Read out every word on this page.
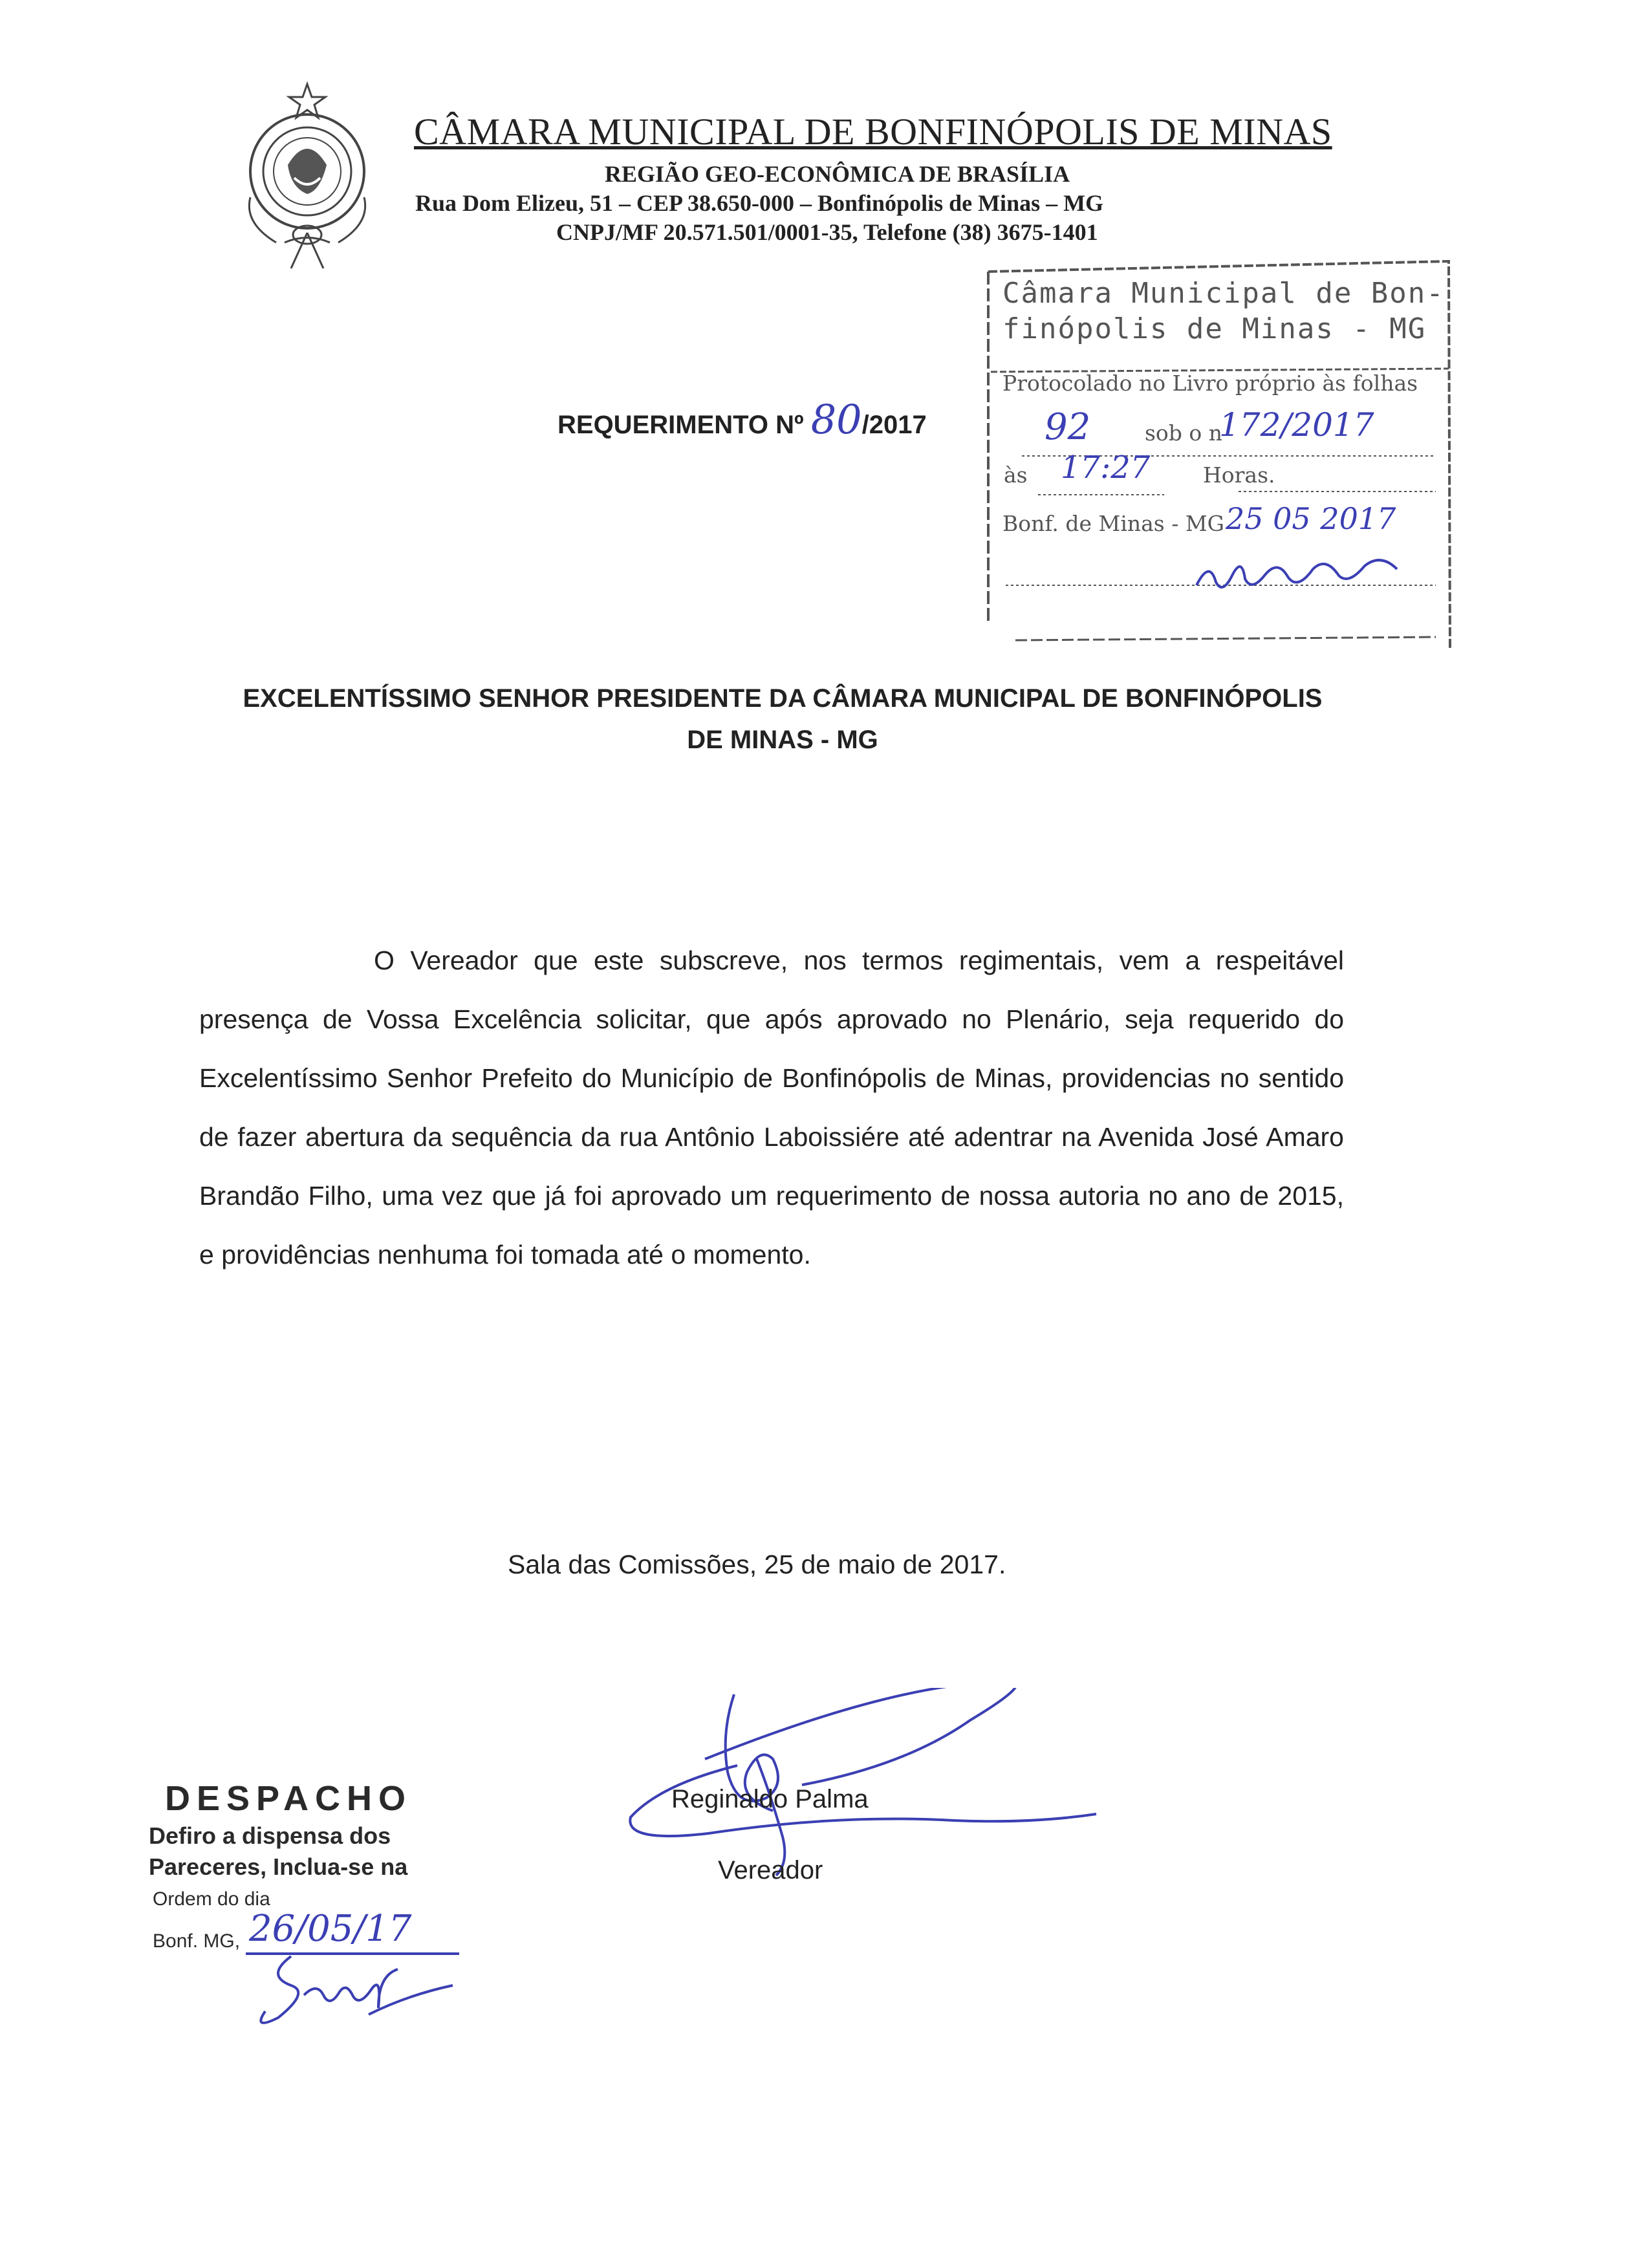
CÂMARA MUNICIPAL DE BONFINÓPOLIS DE MINAS
REGIÃO GEO-ECONÔMICA DE BRASÍLIA
Rua Dom Elizeu, 51 – CEP 38.650-000 – Bonfinópolis de Minas – MG
CNPJ/MF 20.571.501/0001-35, Telefone (38) 3675-1401
Câmara Municipal de Bon-
finópolis de Minas - MG
Protocolado no Livro próprio às folhas
sob o n
às	Horas.
Bonf. de Minas - MG
92	172/2017
17:27
25 05 2017
REQUERIMENTO Nº 80/2017
EXCELENTÍSSIMO SENHOR PRESIDENTE DA CÂMARA MUNICIPAL DE BONFINÓPOLIS
DE MINAS - MG

O Vereador que este subscreve, nos termos regimentais, vem a respeitável presença de Vossa Excelência solicitar, que após aprovado no Plenário, seja requerido do Excelentíssimo Senhor Prefeito do Município de Bonfinópolis de Minas, providencias no sentido de fazer abertura da sequência da rua Antônio Laboissiére até adentrar na Avenida José Amaro Brandão Filho, uma vez que já foi aprovado um requerimento de nossa autoria no ano de 2015, e providências nenhuma foi tomada até o momento.

Sala das Comissões, 25 de maio de 2017.
Reginaldo Palma
Vereador
DESPACHO
Defiro a dispensa dos
Pareceres, Inclua-se na
Ordem do dia
Bonf. MG, 26/05/17
